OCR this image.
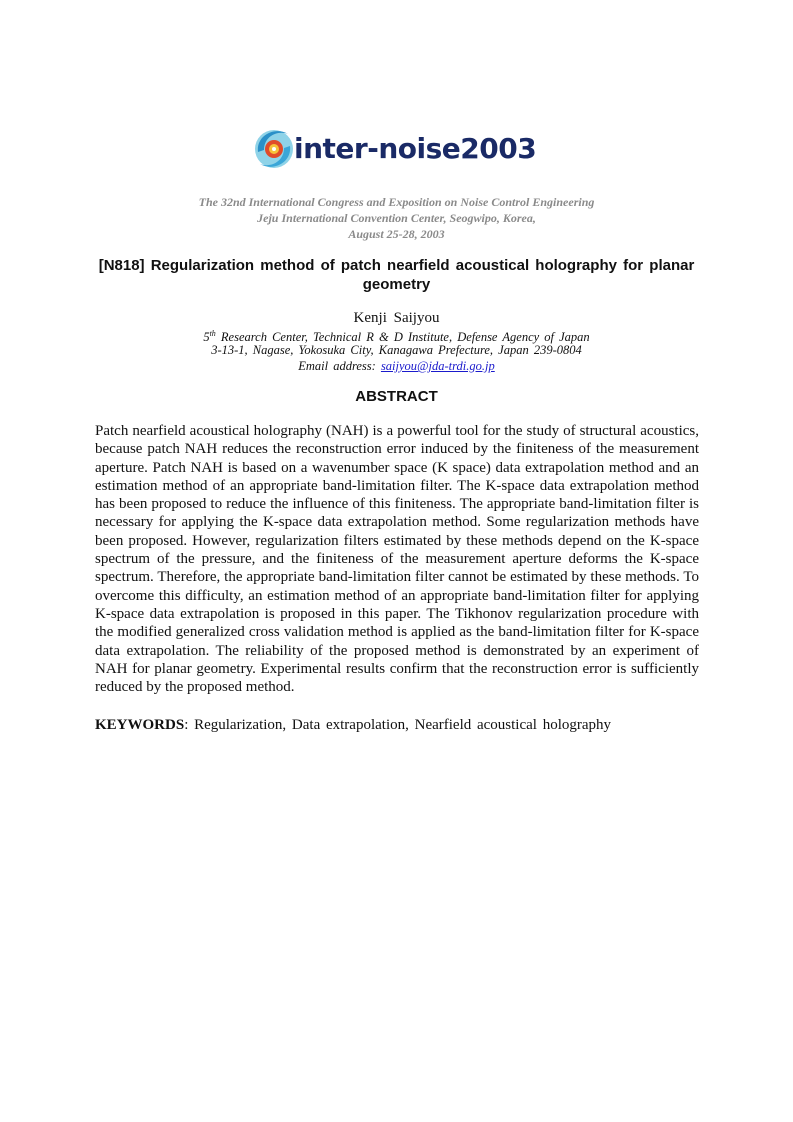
inter-noise2003
The 32nd International Congress and Exposition on Noise Control Engineering
Jeju International Convention Center, Seogwipo, Korea,
August 25-28, 2003
[N818] Regularization method of patch nearfield acoustical holography for planar geometry
Kenji Saijyou
5th Research Center, Technical R & D Institute, Defense Agency of Japan
3-13-1, Nagase, Yokosuka City, Kanagawa Prefecture, Japan 239-0804
Email address: saijyou@jda-trdi.go.jp
ABSTRACT

Patch nearfield acoustical holography (NAH) is a powerful tool for the study of structural acoustics, because patch NAH reduces the reconstruction error induced by the finiteness of the measurement aperture. Patch NAH is based on a wavenumber space (K space) data extrapolation method and an estimation method of an appropriate band-limitation filter. The K-space data extrapolation method has been proposed to reduce the influence of this finiteness. The appropriate band-limitation filter is necessary for applying the K-space data extrapolation method. Some regularization methods have been proposed. However, regularization filters estimated by these methods depend on the K-space spectrum of the pressure, and the finiteness of the measurement aperture deforms the K-space spectrum. Therefore, the appropriate band-limitation filter cannot be estimated by these methods. To overcome this difficulty, an estimation method of an appropriate band-limitation filter for applying K-space data extrapolation is proposed in this paper. The Tikhonov regularization procedure with the modified generalized cross validation method is applied as the band-limitation filter for K-space data extrapolation. The reliability of the proposed method is demonstrated by an experiment of NAH for planar geometry. Experimental results confirm that the reconstruction error is sufficiently reduced by the proposed method.

KEYWORDS: Regularization, Data extrapolation, Nearfield acoustical holography
